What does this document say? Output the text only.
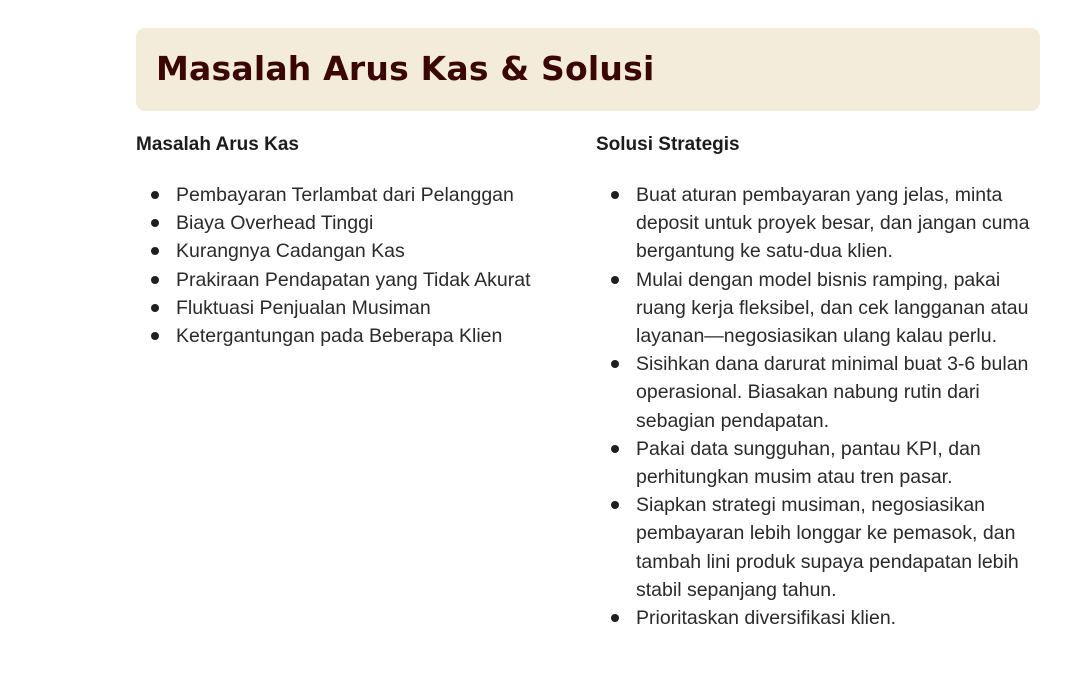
Masalah Arus Kas & Solusi
Masalah Arus Kas
Pembayaran Terlambat dari Pelanggan
Biaya Overhead Tinggi
Kurangnya Cadangan Kas
Prakiraan Pendapatan yang Tidak Akurat
Fluktuasi Penjualan Musiman
Ketergantungan pada Beberapa Klien
Solusi Strategis
Buat aturan pembayaran yang jelas, minta deposit untuk proyek besar, dan jangan cuma bergantung ke satu-dua klien.
Mulai dengan model bisnis ramping, pakai ruang kerja fleksibel, dan cek langganan atau layanan—negosiasikan ulang kalau perlu.
Sisihkan dana darurat minimal buat 3-6 bulan operasional. Biasakan nabung rutin dari sebagian pendapatan.
Pakai data sungguhan, pantau KPI, dan perhitungkan musim atau tren pasar.
Siapkan strategi musiman, negosiasikan pembayaran lebih longgar ke pemasok, dan tambah lini produk supaya pendapatan lebih stabil sepanjang tahun.
Prioritaskan diversifikasi klien.
